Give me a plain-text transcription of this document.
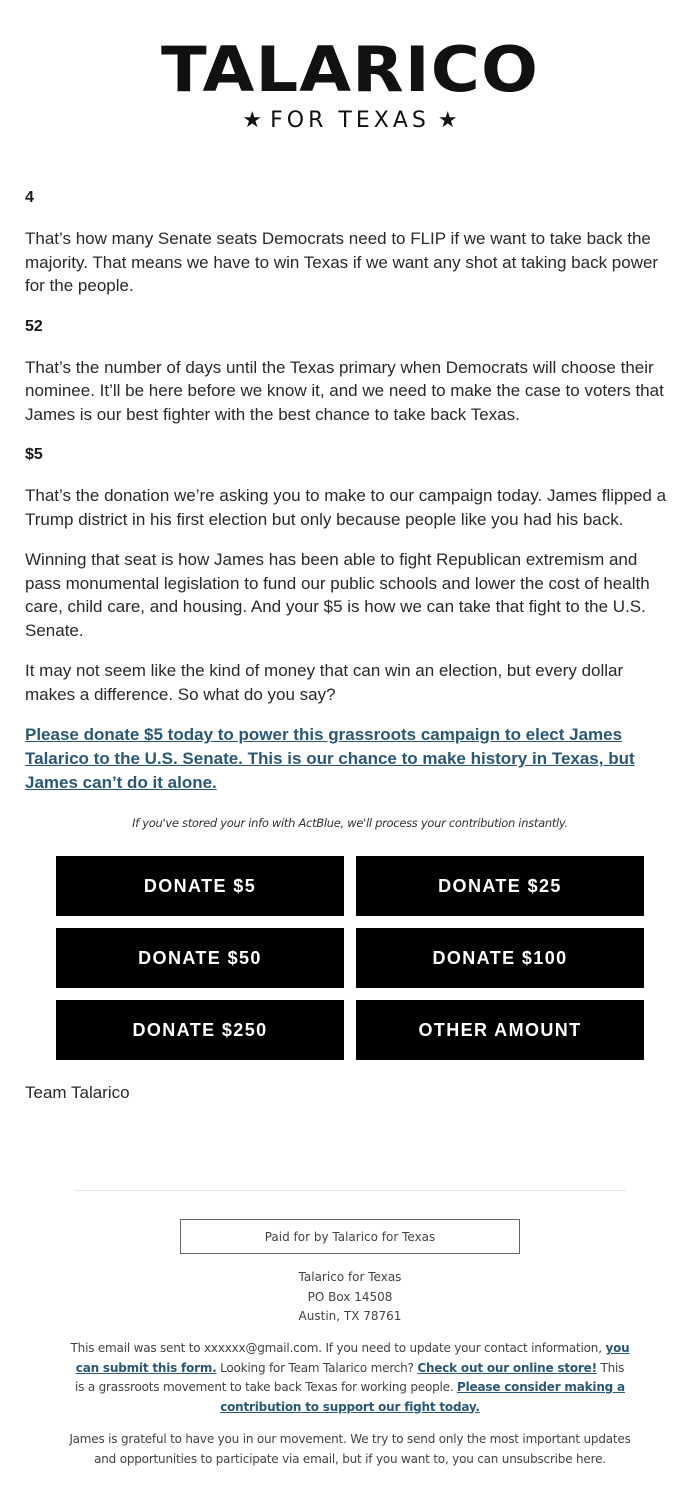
TALARICO
★ FOR TEXAS ★
4

That’s how many Senate seats Democrats need to FLIP if we want to take back the majority. That means we have to win Texas if we want any shot at taking back power for the people.

52

That’s the number of days until the Texas primary when Democrats will choose their nominee. It’ll be here before we know it, and we need to make the case to voters that James is our best fighter with the best chance to take back Texas.

$5

That’s the donation we’re asking you to make to our campaign today. James flipped a Trump district in his first election but only because people like you had his back.

Winning that seat is how James has been able to fight Republican extremism and pass monumental legislation to fund our public schools and lower the cost of health care, child care, and housing. And your $5 is how we can take that fight to the U.S. Senate.

It may not seem like the kind of money that can win an election, but every dollar makes a difference. So what do you say?

Please donate $5 today to power this grassroots campaign to elect James Talarico to the U.S. Senate. This is our chance to make history in Texas, but James can’t do it alone.
If you've stored your info with ActBlue, we'll process your contribution instantly.
DONATE $5	DONATE $25
DONATE $50	DONATE $100
DONATE $250	OTHER AMOUNT
Team Talarico
Paid for by Talarico for Texas
Talarico for Texas
PO Box 14508
Austin, TX 78761
This email was sent to xxxxxx@gmail.com. If you need to update your contact information, you can submit this form. Looking for Team Talarico merch? Check out our online store! This is a grassroots movement to take back Texas for working people. Please consider making a contribution to support our fight today.
James is grateful to have you in our movement. We try to send only the most important updates and opportunities to participate via email, but if you want to, you can unsubscribe here.
